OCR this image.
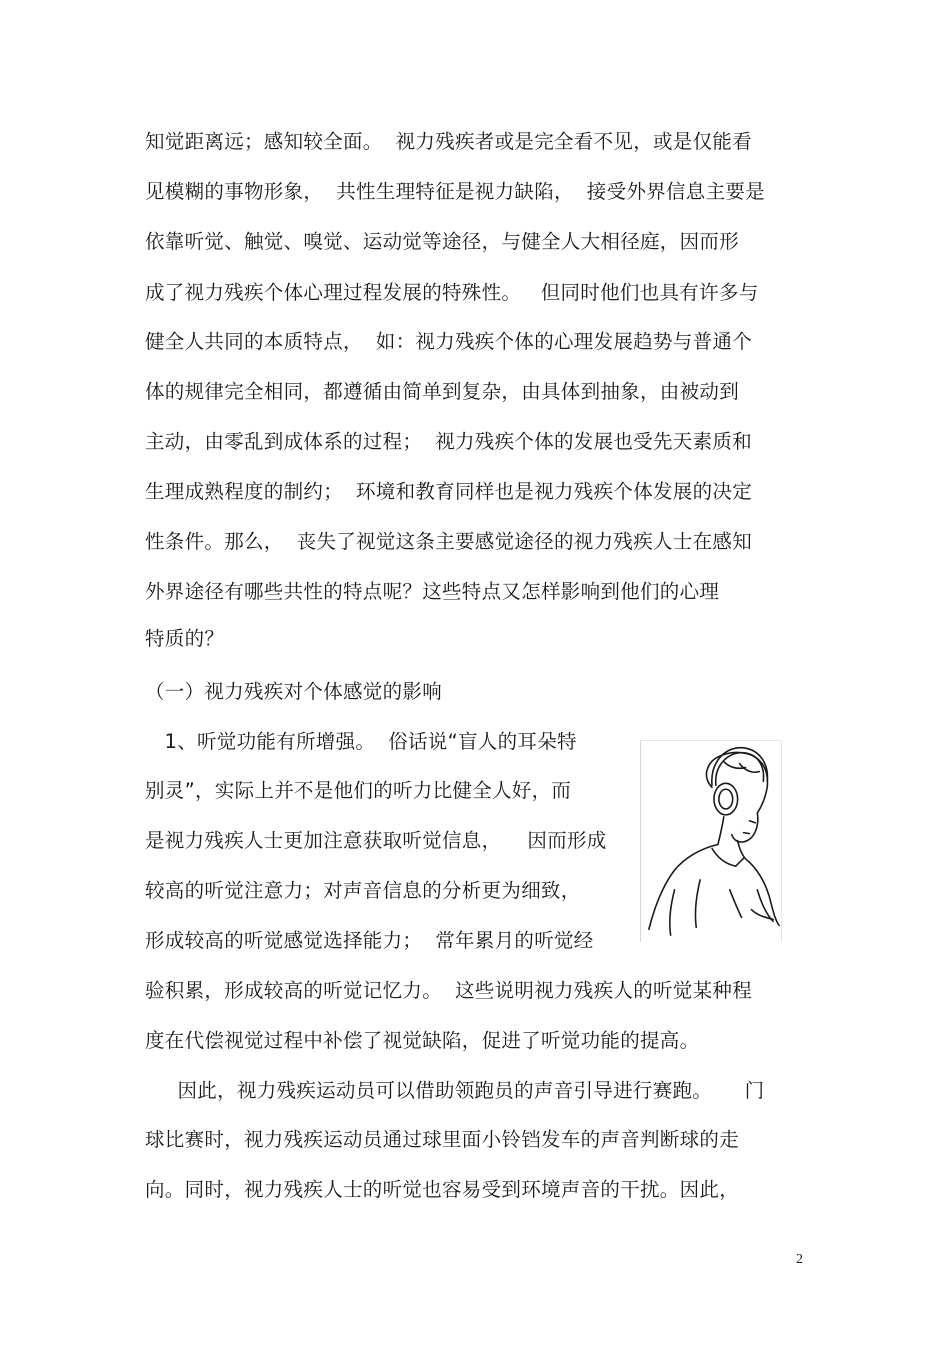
知觉距离远；感知较全面。  视力残疾者或是完全看不见，或是仅能看
见模糊的事物形象，  共性生理特征是视力缺陷，  接受外界信息主要是
依靠听觉、触觉、嗅觉、运动觉等途径，与健全人大相径庭，因而形
成了视力残疾个体心理过程发展的特殊性。   但同时他们也具有许多与
健全人共同的本质特点，  如：视力残疾个体的心理发展趋势与普通个
体的规律完全相同，都遵循由简单到复杂，由具体到抽象，由被动到
主动，由零乱到成体系的过程；  视力残疾个体的发展也受先天素质和
生理成熟程度的制约；  环境和教育同样也是视力残疾个体发展的决定
性条件。那么，  丧失了视觉这条主要感觉途径的视力残疾人士在感知
外界途径有哪些共性的特点呢？这些特点又怎样影响到他们的心理
特质的？
（一）视力残疾对个体感觉的影响
1、听觉功能有所增强。  俗话说“盲人的耳朵特
别灵”，实际上并不是他们的听力比健全人好，而
是视力残疾人士更加注意获取听觉信息，    因而形成
较高的听觉注意力；对声音信息的分析更为细致，
形成较高的听觉感觉选择能力；  常年累月的听觉经
验积累，形成较高的听觉记忆力。  这些说明视力残疾人的听觉某种程
度在代偿视觉过程中补偿了视觉缺陷，促进了听觉功能的提高。
因此，视力残疾运动员可以借助领跑员的声音引导进行赛跑。     门
球比赛时，视力残疾运动员通过球里面小铃铛发车的声音判断球的走
向。同时，视力残疾人士的听觉也容易受到环境声音的干扰。因此，
2
